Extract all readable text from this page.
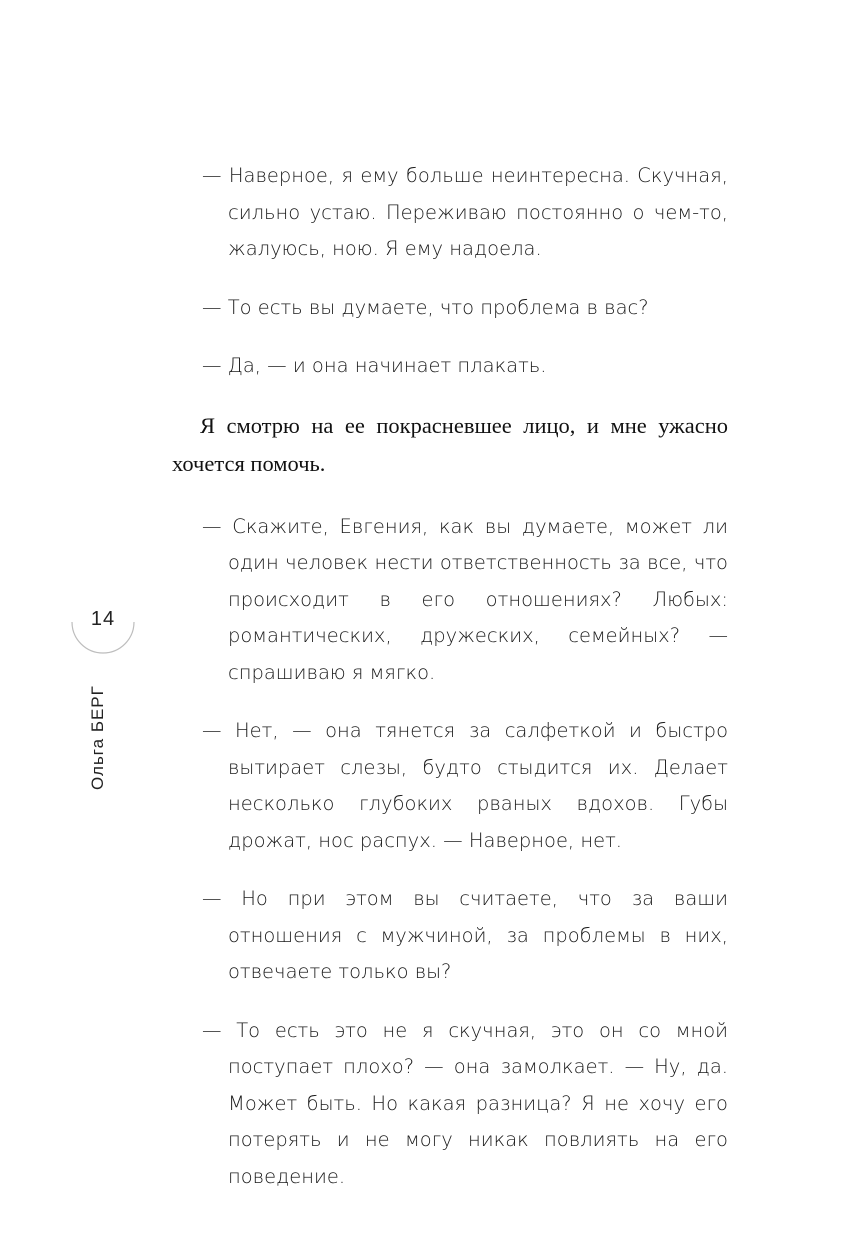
14
Ольга БЕРГ

— Наверное, я ему больше неинтересна. Скучная, сильно устаю. Переживаю постоянно о чем-то, жалуюсь, ною. Я ему надоела.

— То есть вы думаете, что проблема в вас?

— Да, — и она начинает плакать.

Я смотрю на ее покрасневшее лицо, и мне ужасно хочется помочь.

— Скажите, Евгения, как вы думаете, может ли один человек нести ответственность за все, что происходит в его отношениях? Любых: романтических, дружеских, семейных? — спрашиваю я мягко.

— Нет, — она тянется за салфеткой и быстро вытирает слезы, будто стыдится их. Делает несколько глубоких рваных вдохов. Губы дрожат, нос распух. — Наверное, нет.

— Но при этом вы считаете, что за ваши отношения с мужчиной, за проблемы в них, отвечаете только вы?

— То есть это не я скучная, это он со мной поступает плохо? — она замолкает. — Ну, да. Может быть. Но какая разница? Я не хочу его потерять и не могу никак повлиять на его поведение.
